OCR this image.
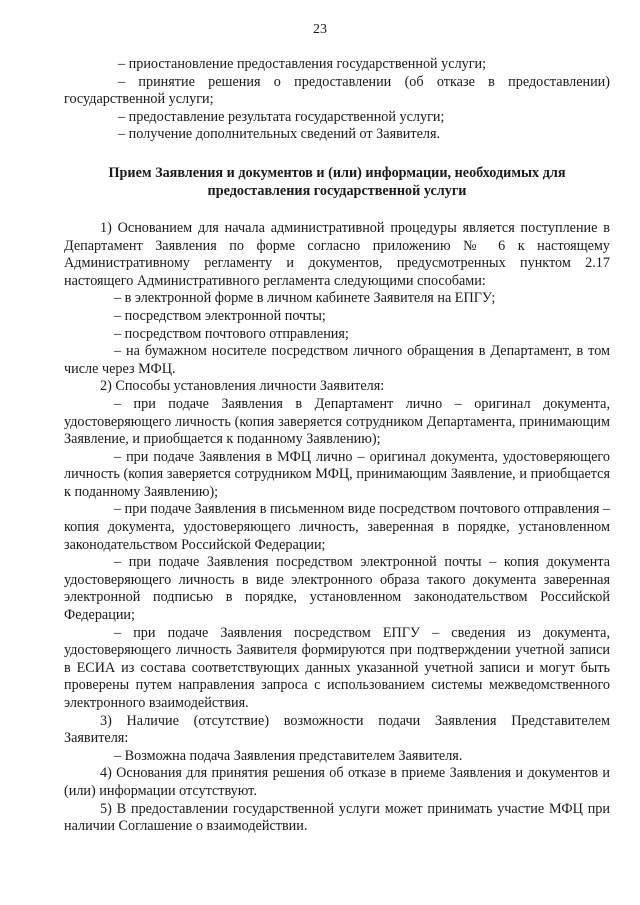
23

– приостановление предоставления государственной услуги;

– принятие решения о предоставлении (об отказе в предоставлении) государственной услуги;

– предоставление результата государственной услуги;

– получение дополнительных сведений от Заявителя.

Прием Заявления и документов и (или) информации, необходимых для предоставления государственной услуги

1) Основанием для начала административной процедуры является поступление в Департамент Заявления по форме согласно приложению № 6 к настоящему Административному регламенту и документов, предусмотренных пунктом 2.17 настоящего Административного регламента следующими способами:

– в электронной форме в личном кабинете Заявителя на ЕПГУ;

– посредством электронной почты;

– посредством почтового отправления;

– на бумажном носителе посредством личного обращения в Департамент, в том числе через МФЦ.

2) Способы установления личности Заявителя:

– при подаче Заявления в Департамент лично – оригинал документа, удостоверяющего личность (копия заверяется сотрудником Департамента, принимающим Заявление, и приобщается к поданному Заявлению);

– при подаче Заявления в МФЦ лично – оригинал документа, удостоверяющего личность (копия заверяется сотрудником МФЦ, принимающим Заявление, и приобщается к поданному Заявлению);

– при подаче Заявления в письменном виде посредством почтового отправления – копия документа, удостоверяющего личность, заверенная в порядке, установленном законодательством Российской Федерации;

– при подаче Заявления посредством электронной почты – копия документа удостоверяющего личность в виде электронного образа такого документа заверенная электронной подписью в порядке, установленном законодательством Российской Федерации;

– при подаче Заявления посредством ЕПГУ – сведения из документа, удостоверяющего личность Заявителя формируются при подтверждении учетной записи в ЕСИА из состава соответствующих данных указанной учетной записи и могут быть проверены путем направления запроса с использованием системы межведомственного электронного взаимодействия.

3) Наличие (отсутствие) возможности подачи Заявления Представителем Заявителя:

– Возможна подача Заявления представителем Заявителя.

4) Основания для принятия решения об отказе в приеме Заявления и документов и (или) информации отсутствуют.

5) В предоставлении государственной услуги может принимать участие МФЦ при наличии Соглашение о взаимодействии.
